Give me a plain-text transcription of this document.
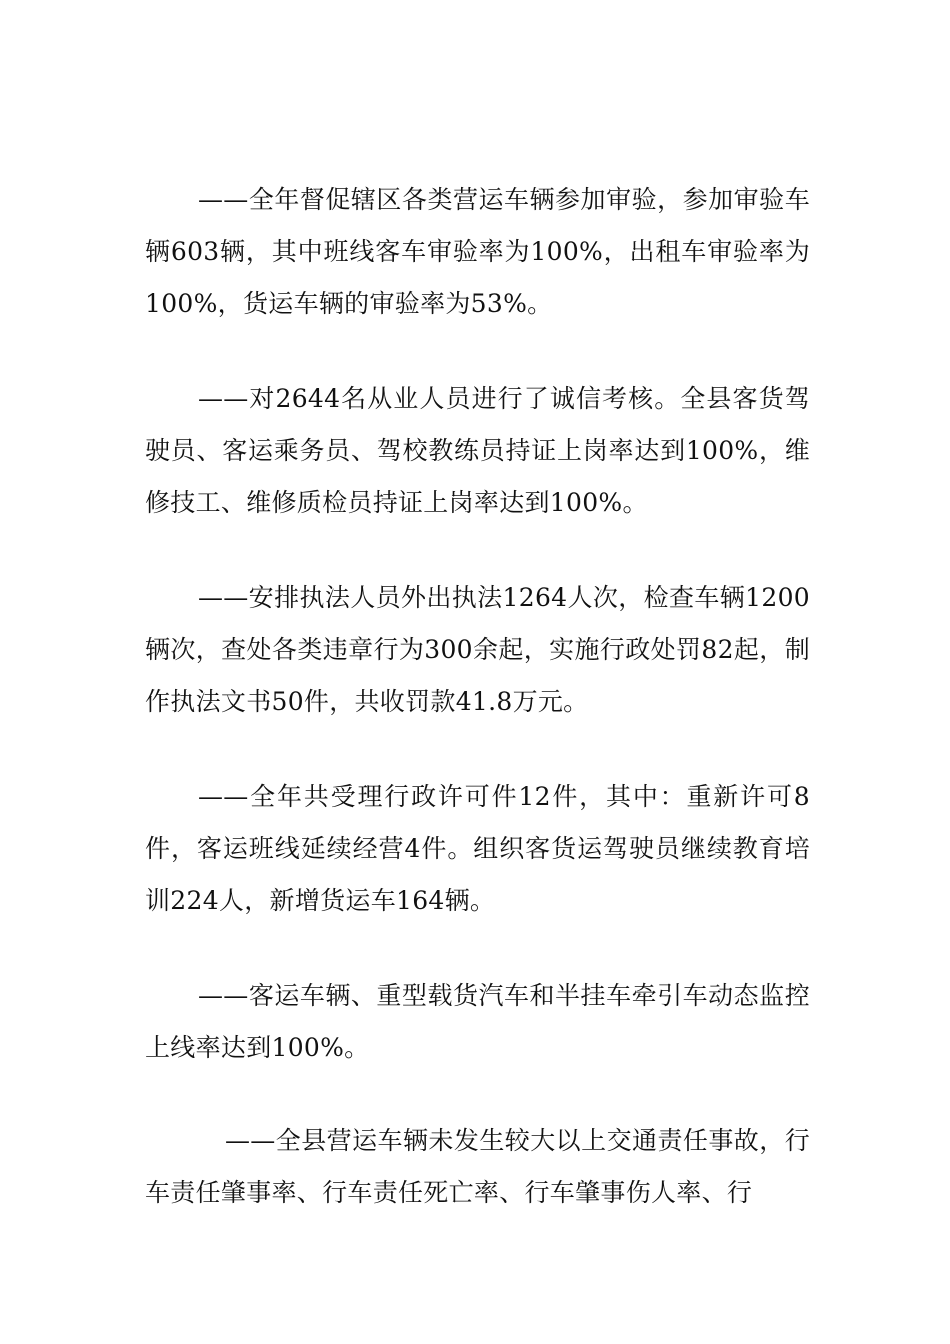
——全年督促辖区各类营运车辆参加审验，参加审验车辆603辆，其中班线客车审验率为100%，出租车审验率为100%，货运车辆的审验率为53%。

——对2644名从业人员进行了诚信考核。全县客货驾驶员、客运乘务员、驾校教练员持证上岗率达到100%，维修技工、维修质检员持证上岗率达到100%。

——安排执法人员外出执法1264人次，检查车辆1200辆次，查处各类违章行为300余起，实施行政处罚82起，制作执法文书50件，共收罚款41.8万元。

——全年共受理行政许可件12件，其中：重新许可8件，客运班线延续经营4件。组织客货运驾驶员继续教育培训224人，新增货运车164辆。

——客运车辆、重型载货汽车和半挂车牵引车动态监控上线率达到100%。

——全县营运车辆未发生较大以上交通责任事故，行车责任肇事率、行车责任死亡率、行车肇事伤人率、行
